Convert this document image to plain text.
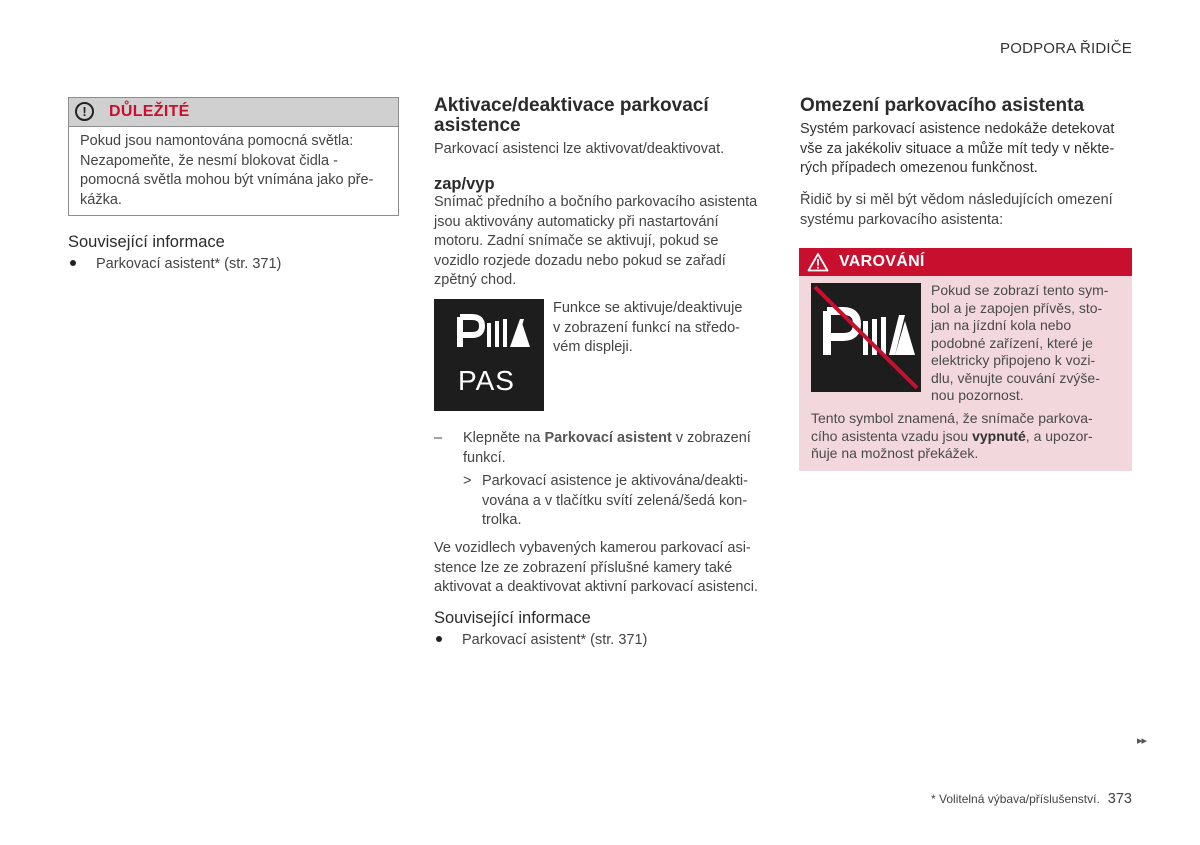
PODPORA ŘIDIČE
!	DŮLEŽITÉ
Pokud jsou namontována pomocná světla:
Nezapomeňte, že nesmí blokovat čidla -
pomocná světla mohou být vnímána jako pře-
kážka.
Související informace
Parkovací asistent* (str. 371)
Aktivace/deaktivace parkovací
asistence
Parkovací asistenci lze aktivovat/deaktivovat.
zap/vyp
Snímač předního a bočního parkovacího asistenta
jsou aktivovány automaticky při nastartování
motoru. Zadní snímače se aktivují, pokud se
vozidlo rozjede dozadu nebo pokud se zařadí
zpětný chod.
PAS
Funkce se aktivuje/deaktivuje
v zobrazení funkcí na středo-
vém displeji.
– Klepněte na Parkovací asistent v zobrazení
funkcí.
> Parkovací asistence je aktivována/deakti-
vována a v tlačítku svítí zelená/šedá kon-
trolka.
Ve vozidlech vybavených kamerou parkovací asi-
stence lze ze zobrazení příslušné kamery také
aktivovat a deaktivovat aktivní parkovací asistenci.
Související informace
Parkovací asistent* (str. 371)
Omezení parkovacího asistenta
Systém parkovací asistence nedokáže detekovat
vše za jakékoliv situace a může mít tedy v někte-
rých případech omezenou funkčnost.
Řidič by si měl být vědom následujících omezení
systému parkovacího asistenta:
VAROVÁNÍ
Pokud se zobrazí tento sym-
bol a je zapojen přívěs, sto-
jan na jízdní kola nebo
podobné zařízení, které je
elektricky připojeno k vozi-
dlu, věnujte couvání zvýše-
nou pozornost.
Tento symbol znamená, že snímače parkova-
cího asistenta vzadu jsou vypnuté, a upozor-
ňuje na možnost překážek.
▸▸
* Volitelná výbava/příslušenství. 373
